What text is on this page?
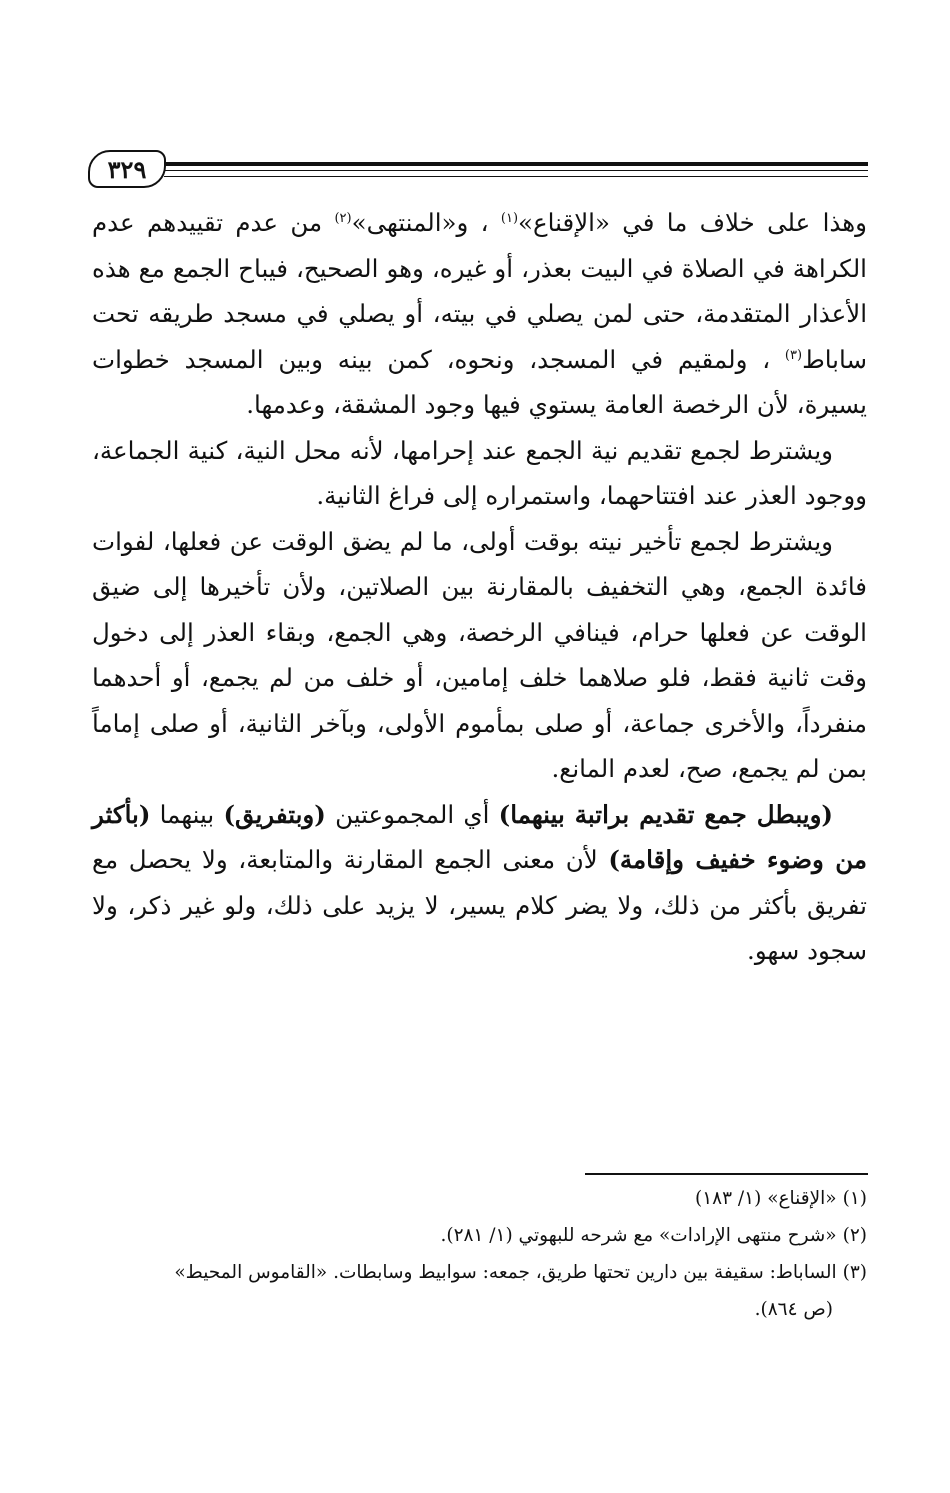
٣٢٩

وهذا على خلاف ما في «الإقناع»$^{(١)}$ ، و«المنتهى»$^{(٢)}$ من عدم تقييدهم عدم الكراهة في الصلاة في البيت بعذر، أو غيره، وهو الصحيح، فيباح الجمع مع هذه الأعذار المتقدمة، حتى لمن يصلي في بيته، أو يصلي في مسجد طريقه تحت ساباط$^{(٣)}$ ، ولمقيم في المسجد، ونحوه، كمن بينه وبين المسجد خطوات يسيرة، لأن الرخصة العامة يستوي فيها وجود المشقة، وعدمها.

ويشترط لجمع تقديم نية الجمع عند إحرامها، لأنه محل النية، كنية الجماعة، ووجود العذر عند افتتاحهما، واستمراره إلى فراغ الثانية.

ويشترط لجمع تأخير نيته بوقت أولى، ما لم يضق الوقت عن فعلها، لفوات فائدة الجمع، وهي التخفيف بالمقارنة بين الصلاتين، ولأن تأخيرها إلى ضيق الوقت عن فعلها حرام، فينافي الرخصة، وهي الجمع، وبقاء العذر إلى دخول وقت ثانية فقط، فلو صلاهما خلف إمامين، أو خلف من لم يجمع، أو أحدهما منفرداً، والأخرى جماعة، أو صلى بمأموم الأولى، وبآخر الثانية، أو صلى إماماً بمن لم يجمع، صح، لعدم المانع.

(ويبطل جمع تقديم براتبة بينهما) أي المجموعتين (وبتفريق) بينهما (بأكثر من وضوء خفيف وإقامة) لأن معنى الجمع المقارنة والمتابعة، ولا يحصل مع تفريق بأكثر من ذلك، ولا يضر كلام يسير، لا يزيد على ذلك، ولو غير ذكر، ولا سجود سهو.

(١)«الإقناع» (١/ ١٨٣)

(٢)«شرح منتهى الإرادات» مع شرحه للبهوتي (١/ ٢٨١).

(٣)الساباط: سقيفة بين دارين تحتها طريق، جمعه: سوابيط وسابطات. «القاموس المحيط»
(ص ٨٦٤).
